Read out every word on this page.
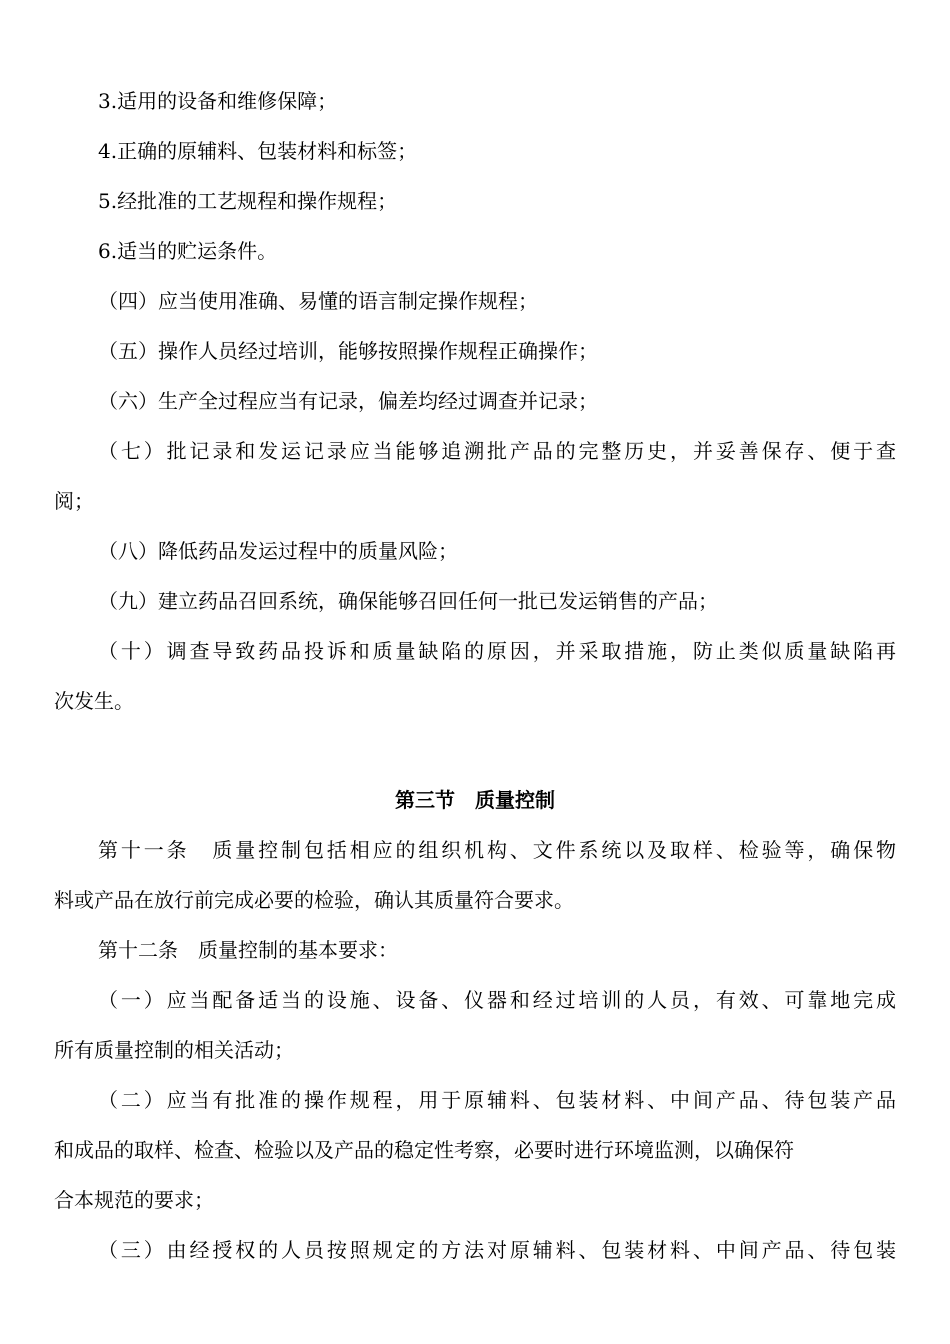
3.适用的设备和维修保障；
4.正确的原辅料、包装材料和标签；
5.经批准的工艺规程和操作规程；
6.适当的贮运条件。
（四）应当使用准确、易懂的语言制定操作规程；
（五）操作人员经过培训，能够按照操作规程正确操作；
（六）生产全过程应当有记录，偏差均经过调查并记录；
（七）批记录和发运记录应当能够追溯批产品的完整历史，并妥善保存、便于查
阅；
（八）降低药品发运过程中的质量风险；
（九）建立药品召回系统，确保能够召回任何一批已发运销售的产品；
（十）调查导致药品投诉和质量缺陷的原因，并采取措施，防止类似质量缺陷再
次发生。
第三节　质量控制
第十一条　质量控制包括相应的组织机构、文件系统以及取样、检验等，确保物
料或产品在放行前完成必要的检验，确认其质量符合要求。
第十二条　质量控制的基本要求：
（一）应当配备适当的设施、设备、仪器和经过培训的人员，有效、可靠地完成
所有质量控制的相关活动；
（二）应当有批准的操作规程，用于原辅料、包装材料、中间产品、待包装产品
和成品的取样、检查、检验以及产品的稳定性考察，必要时进行环境监测，以确保符
合本规范的要求；
（三）由经授权的人员按照规定的方法对原辅料、包装材料、中间产品、待包装
